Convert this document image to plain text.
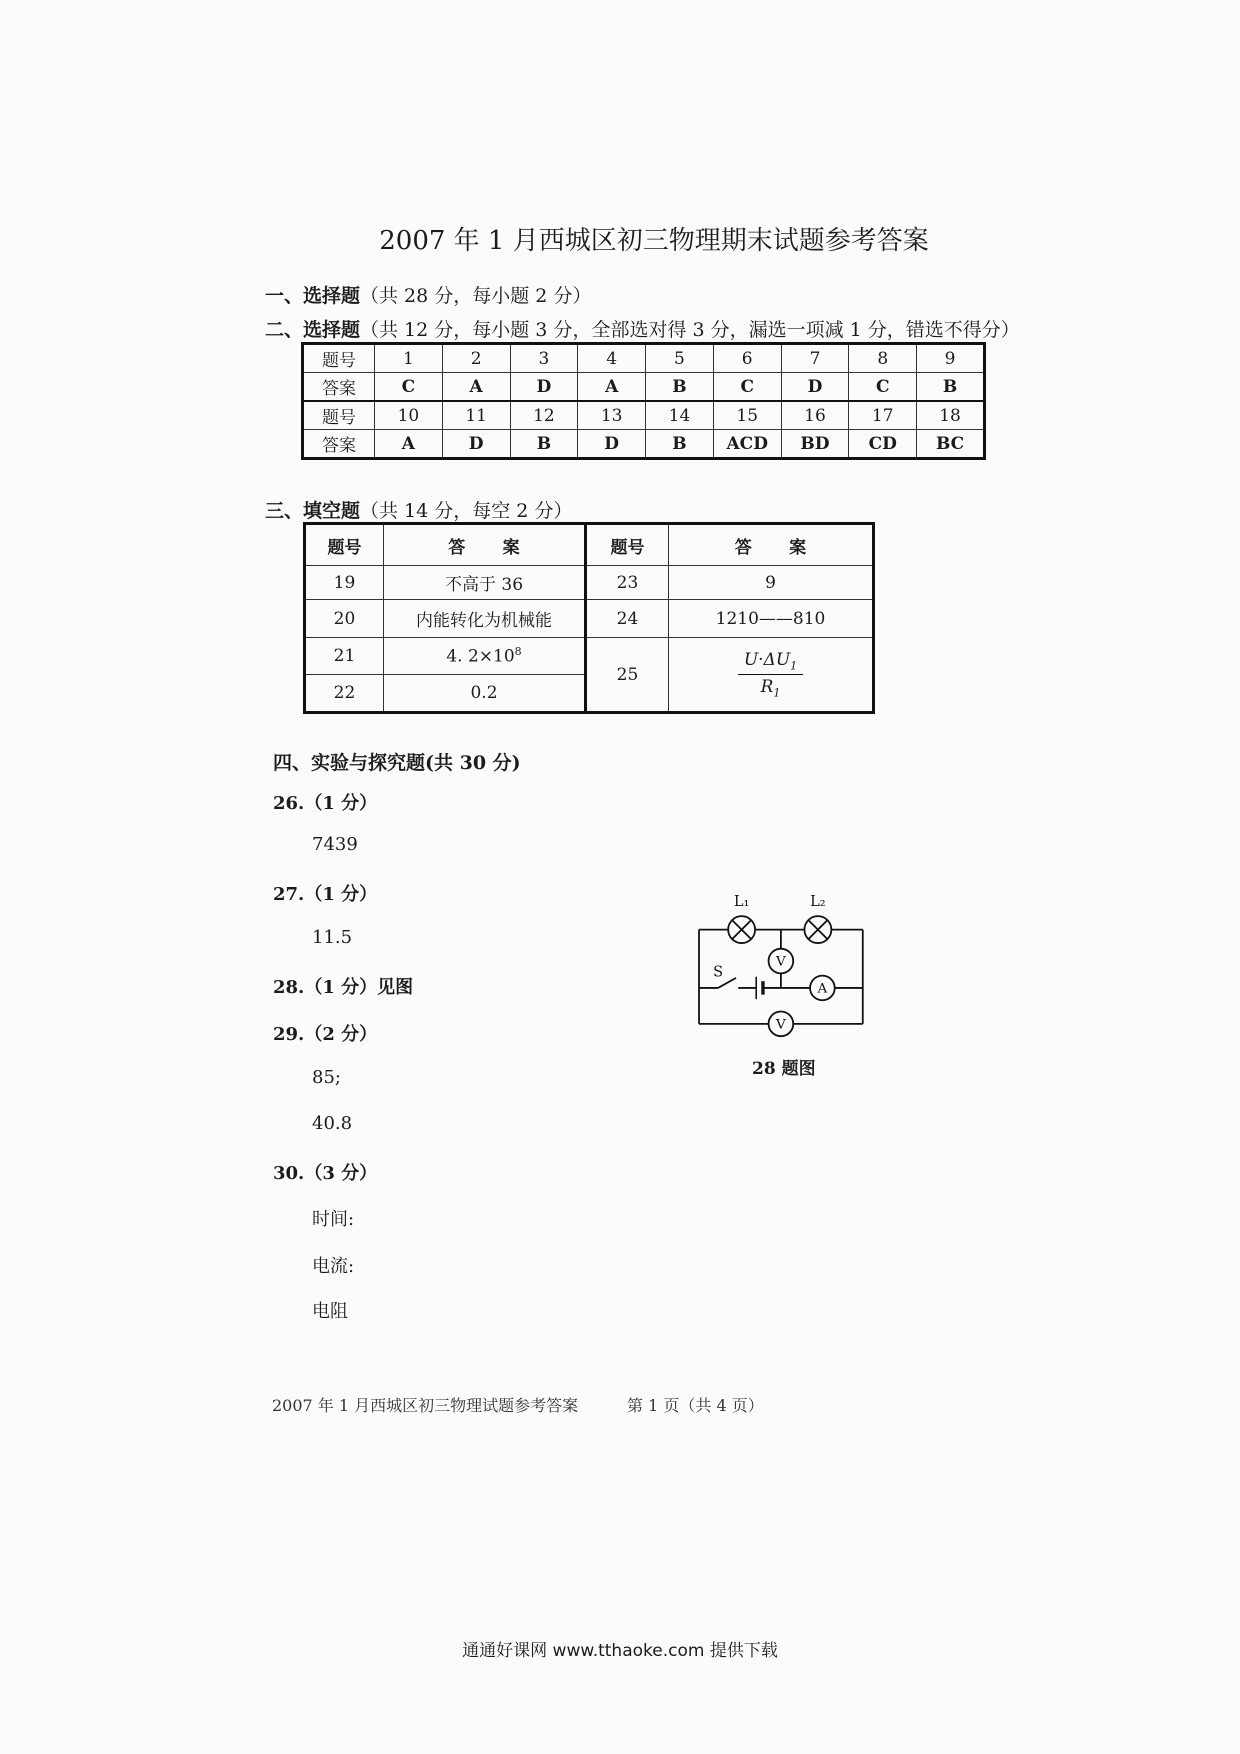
2007 年 1 月西城区初三物理期末试题参考答案
一、选择题（共 28 分，每小题 2 分）
二、选择题（共 12 分，每小题 3 分，全部选对得 3 分，漏选一项减 1 分，错选不得分）
题号	1	2	3	4	5	6	7	8	9
答案	C	A	D	A	B	C	D	C	B
题号	10	11	12	13	14	15	16	17	18
答案	A	D	B	D	B	ACD	BD	CD	BC
三、填空题（共 14 分，每空 2 分）
题号	答案	题号	答案
19	不高于 36	23	9
20	内能转化为机械能	24	1210——810
21	4. $2\times 10^8$	25	$\frac{U\cdot\Delta U_1}{R_1}$

22	0.2		
四、实验与探究题(共 30 分)
26.（1 分）
7439
27.（1 分）
11.5
28.（1 分）见图
29.（2 分）
85;
40.8
30.（3 分）
时间:
电流:
电阻
L₁	L₂
S
V
A
V
28 题图
2007 年 1 月西城区初三物理试题参考答案	第 1 页（共 4 页）
通通好课网 www.tthaoke.com 提供下载
